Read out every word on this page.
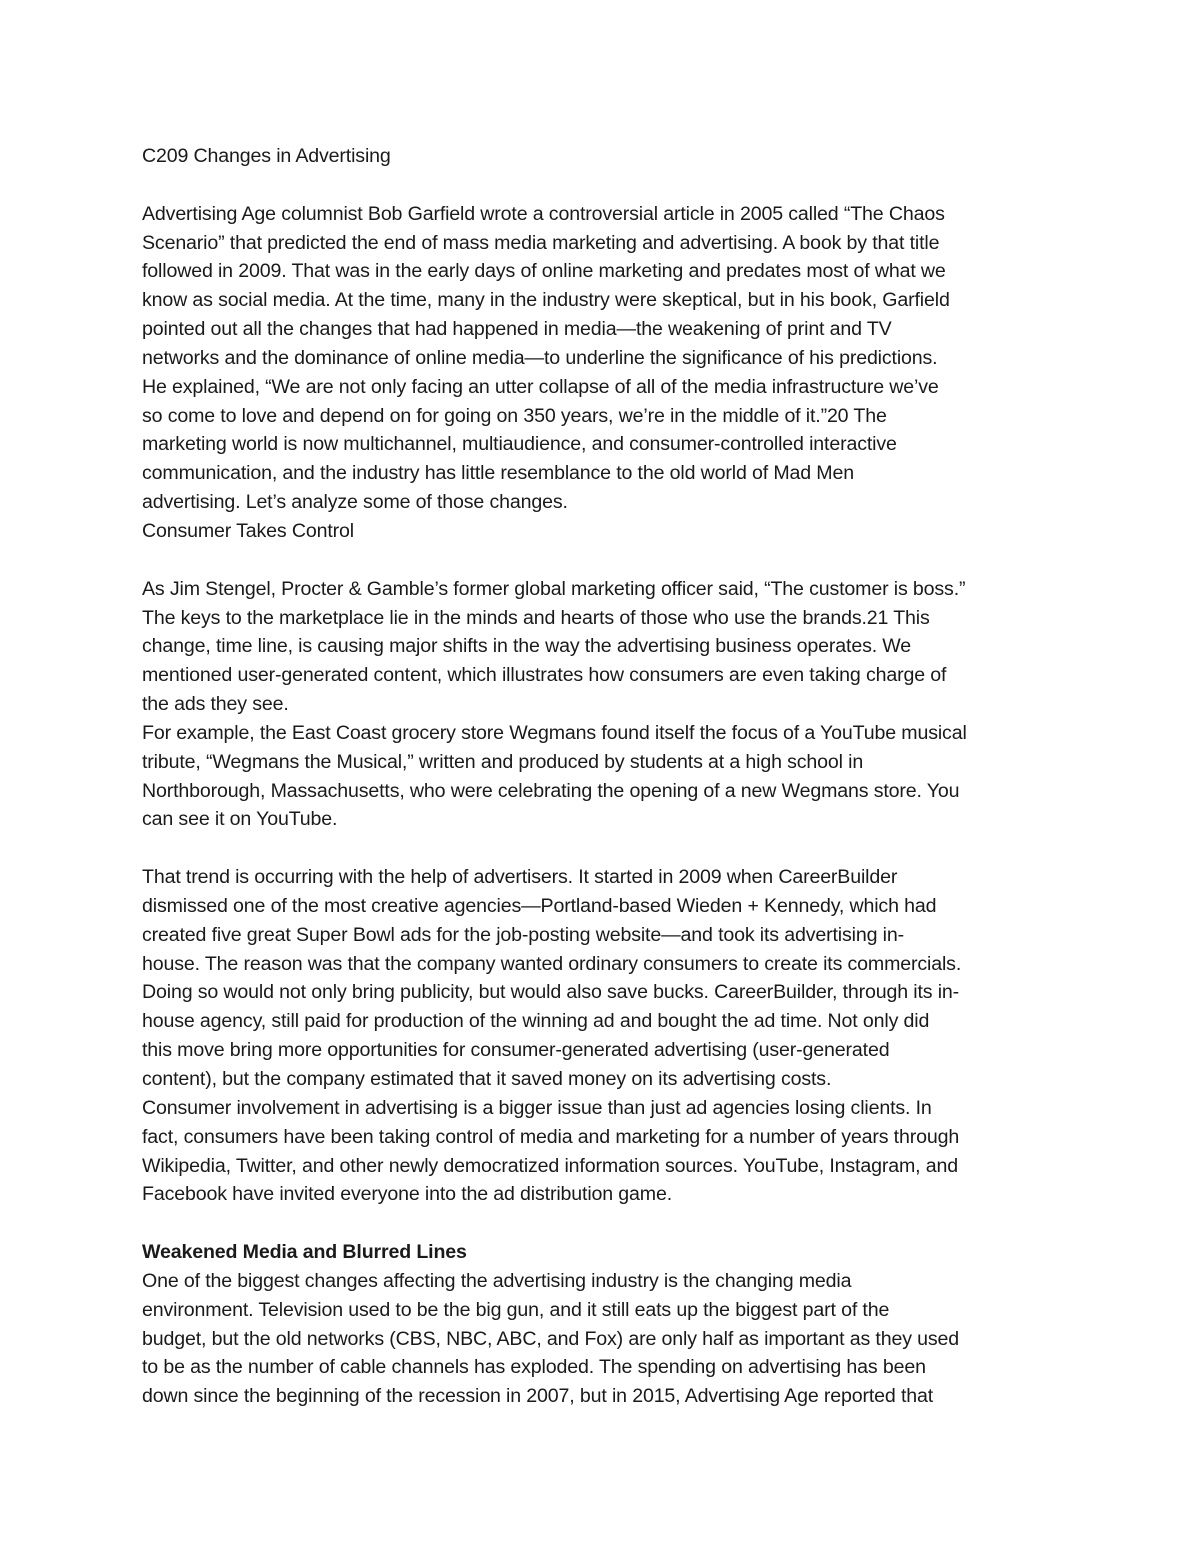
C209 Changes in Advertising
Advertising Age columnist Bob Garfield wrote a controversial article in 2005 called “The Chaos
Scenario” that predicted the end of mass media marketing and advertising. A book by that title
followed in 2009. That was in the early days of online marketing and predates most of what we
know as social media. At the time, many in the industry were skeptical, but in his book, Garfield
pointed out all the changes that had happened in media—the weakening of print and TV
networks and the dominance of online media—to underline the significance of his predictions.
He explained, “We are not only facing an utter collapse of all of the media infrastructure we’ve
so come to love and depend on for going on 350 years, we’re in the middle of it.”20 The
marketing world is now multichannel, multiaudience, and consumer-controlled interactive
communication, and the industry has little resemblance to the old world of Mad Men
advertising. Let’s analyze some of those changes.
Consumer Takes Control
As Jim Stengel, Procter & Gamble’s former global marketing officer said, “The customer is boss.”
The keys to the marketplace lie in the minds and hearts of those who use the brands.21 This
change, time line, is causing major shifts in the way the advertising business operates. We
mentioned user-generated content, which illustrates how consumers are even taking charge of
the ads they see.
For example, the East Coast grocery store Wegmans found itself the focus of a YouTube musical
tribute, “Wegmans the Musical,” written and produced by students at a high school in
Northborough, Massachusetts, who were celebrating the opening of a new Wegmans store. You
can see it on YouTube.
That trend is occurring with the help of advertisers. It started in 2009 when CareerBuilder
dismissed one of the most creative agencies—Portland-based Wieden + Kennedy, which had
created five great Super Bowl ads for the job-posting website—and took its advertising in-
house. The reason was that the company wanted ordinary consumers to create its commercials.
Doing so would not only bring publicity, but would also save bucks. CareerBuilder, through its in-
house agency, still paid for production of the winning ad and bought the ad time. Not only did
this move bring more opportunities for consumer-generated advertising (user-generated
content), but the company estimated that it saved money on its advertising costs.
Consumer involvement in advertising is a bigger issue than just ad agencies losing clients. In
fact, consumers have been taking control of media and marketing for a number of years through
Wikipedia, Twitter, and other newly democratized information sources. YouTube, Instagram, and
Facebook have invited everyone into the ad distribution game.
Weakened Media and Blurred Lines
One of the biggest changes affecting the advertising industry is the changing media
environment. Television used to be the big gun, and it still eats up the biggest part of the
budget, but the old networks (CBS, NBC, ABC, and Fox) are only half as important as they used
to be as the number of cable channels has exploded. The spending on advertising has been
down since the beginning of the recession in 2007, but in 2015, Advertising Age reported that
